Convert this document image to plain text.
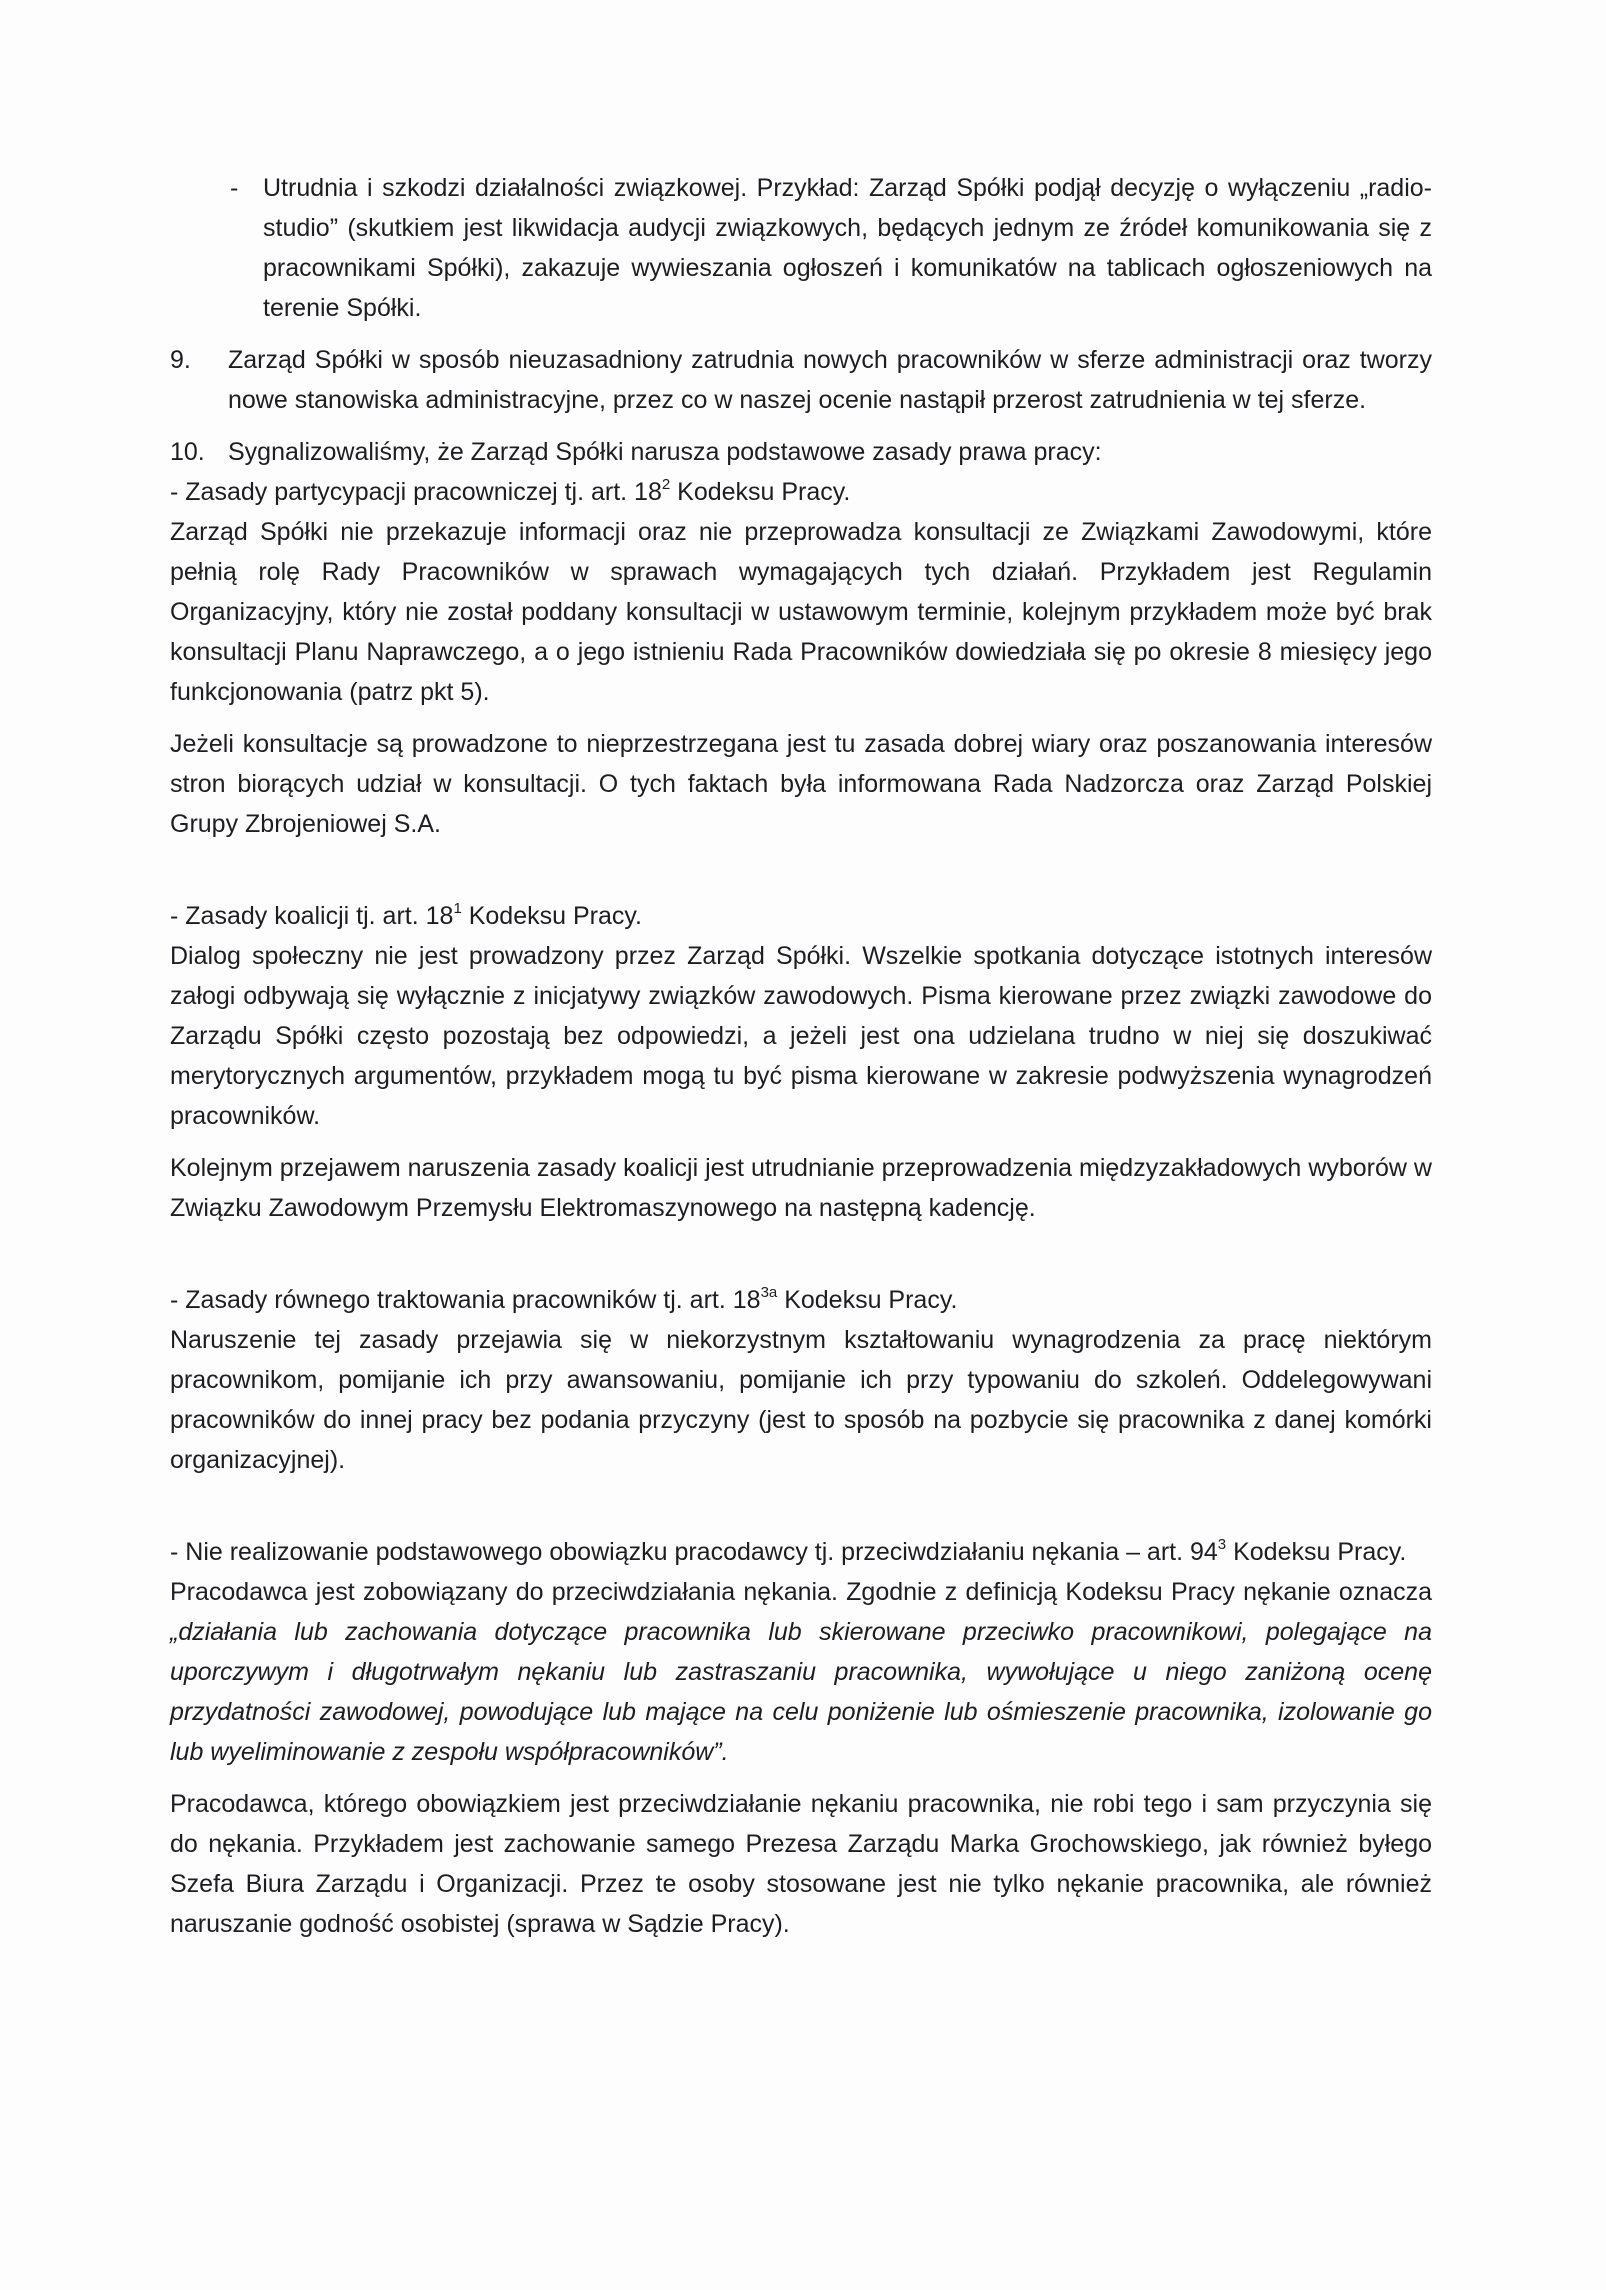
- Utrudnia i szkodzi działalności związkowej. Przykład: Zarząd Spółki podjął decyzję o wyłączeniu „radio-studio” (skutkiem jest likwidacja audycji związkowych, będących jednym ze źródeł komunikowania się z pracownikami Spółki), zakazuje wywieszania ogłoszeń i komunikatów na tablicach ogłoszeniowych na terenie Spółki.
9.	Zarząd Spółki w sposób nieuzasadniony zatrudnia nowych pracowników w sferze administracji oraz tworzy nowe stanowiska administracyjne, przez co w naszej ocenie nastąpił przerost zatrudnienia w tej sferze.
10. Sygnalizowaliśmy, że Zarząd Spółki narusza podstawowe zasady prawa pracy:

- Zasady partycypacji pracowniczej tj. art. $18^2$ Kodeksu Pracy.

Zarząd Spółki nie przekazuje informacji oraz nie przeprowadza konsultacji ze Związkami Zawodowymi, które pełnią rolę Rady Pracowników w sprawach wymagających tych działań. Przykładem jest Regulamin Organizacyjny, który nie został poddany konsultacji w ustawowym terminie, kolejnym przykładem może być brak konsultacji Planu Naprawczego, a o jego istnieniu Rada Pracowników dowiedziała się po okresie 8 miesięcy jego funkcjonowania (patrz pkt 5).

Jeżeli konsultacje są prowadzone to nieprzestrzegana jest tu zasada dobrej wiary oraz poszanowania interesów stron biorących udział w konsultacji. O tych faktach była informowana Rada Nadzorcza oraz Zarząd Polskiej Grupy Zbrojeniowej S.A.

- Zasady koalicji tj. art. $18^1$ Kodeksu Pracy.

Dialog społeczny nie jest prowadzony przez Zarząd Spółki. Wszelkie spotkania dotyczące istotnych interesów załogi odbywają się wyłącznie z inicjatywy związków zawodowych. Pisma kierowane przez związki zawodowe do Zarządu Spółki często pozostają bez odpowiedzi, a jeżeli jest ona udzielana trudno w niej się doszukiwać merytorycznych argumentów, przykładem mogą tu być pisma kierowane w zakresie podwyższenia wynagrodzeń pracowników.

Kolejnym przejawem naruszenia zasady koalicji jest utrudnianie przeprowadzenia międzyzakładowych wyborów w Związku Zawodowym Przemysłu Elektromaszynowego na następną kadencję.

- Zasady równego traktowania pracowników tj. art. $18^{3a}$ Kodeksu Pracy.

Naruszenie tej zasady przejawia się w niekorzystnym kształtowaniu wynagrodzenia za pracę niektórym pracownikom, pomijanie ich przy awansowaniu, pomijanie ich przy typowaniu do szkoleń. Oddelegowywani pracowników do innej pracy bez podania przyczyny (jest to sposób na pozbycie się pracownika z danej komórki organizacyjnej).

- Nie realizowanie podstawowego obowiązku pracodawcy tj. przeciwdziałaniu nękania – art. $94^3$ Kodeksu Pracy.

Pracodawca jest zobowiązany do przeciwdziałania nękania. Zgodnie z definicją Kodeksu Pracy nękanie oznacza „działania lub zachowania dotyczące pracownika lub skierowane przeciwko pracownikowi, polegające na uporczywym i długotrwałym nękaniu lub zastraszaniu pracownika, wywołujące u niego zaniżoną ocenę przydatności zawodowej, powodujące lub mające na celu poniżenie lub ośmieszenie pracownika, izolowanie go lub wyeliminowanie z zespołu współpracowników”.

Pracodawca, którego obowiązkiem jest przeciwdziałanie nękaniu pracownika, nie robi tego i sam przyczynia się do nękania. Przykładem jest zachowanie samego Prezesa Zarządu Marka Grochowskiego, jak również byłego Szefa Biura Zarządu i Organizacji. Przez te osoby stosowane jest nie tylko nękanie pracownika, ale również naruszanie godność osobistej (sprawa w Sądzie Pracy).
